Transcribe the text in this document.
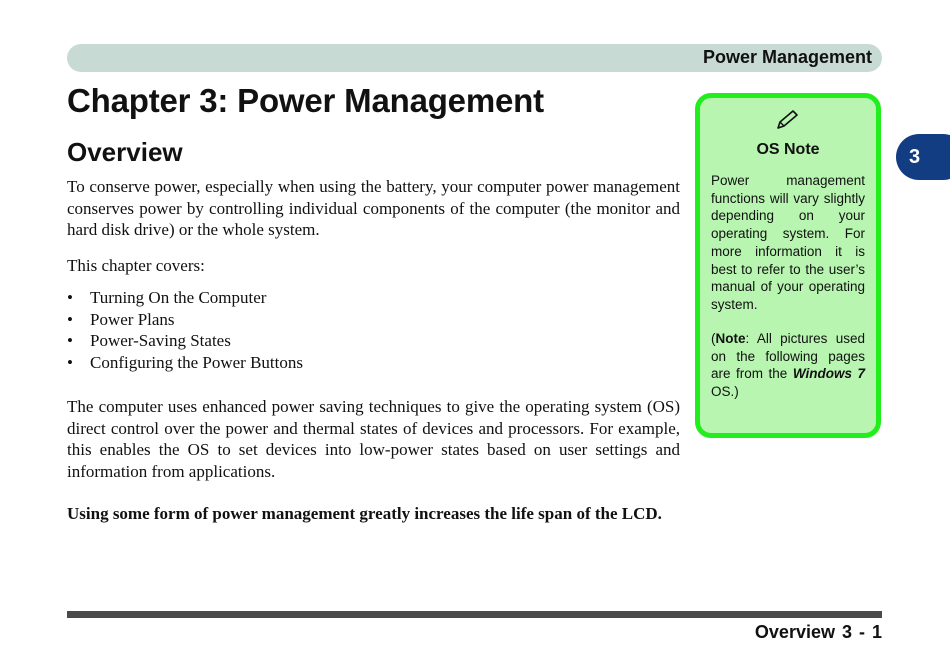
Power Management
3
Chapter 3: Power Management
Overview

To conserve power, especially when using the battery, your computer power management conserves power by controlling individual components of the computer (the monitor and hard disk drive) or the whole system.

This chapter covers:

• Turning On the Computer
• Power Plans
• Power-Saving States
• Configuring the Power Buttons

The computer uses enhanced power saving techniques to give the operating system (OS) direct control over the power and thermal states of devices and processors. For example, this enables the OS to set devices into low-power states based on user settings and information from applications.

Using some form of power management greatly increases the life span of the LCD.

OS Note

Power management functions will vary slightly depending on your operating system. For more information it is best to refer to the user’s manual of your operating system.

(Note: All pictures used on the following pages are from the Windows 7 OS.)

Overview 3 - 1
